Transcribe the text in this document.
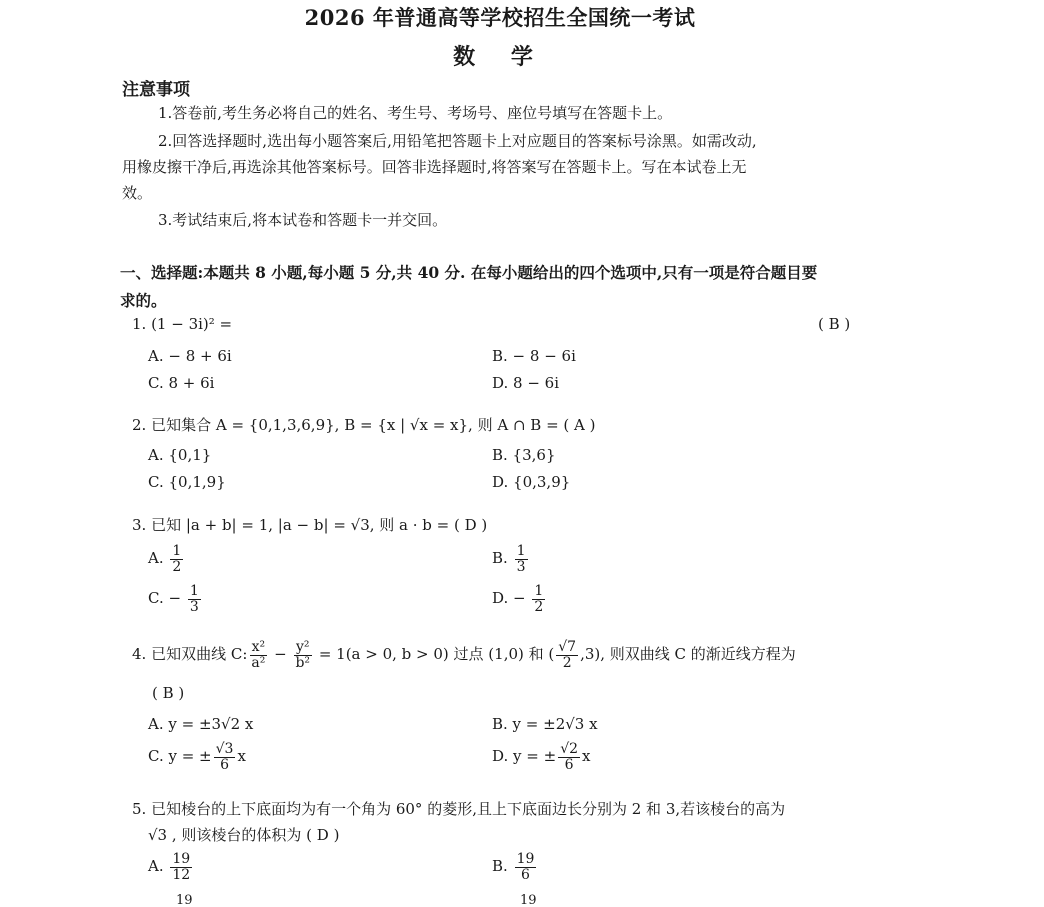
2026 年普通高等学校招生全国统一考试
数 学
注意事项
1.答卷前,考生务必将自己的姓名、考生号、考场号、座位号填写在答题卡上。
2.回答选择题时,选出每小题答案后,用铅笔把答题卡上对应题目的答案标号涂黑。如需改动,
用橡皮擦干净后,再选涂其他答案标号。回答非选择题时,将答案写在答题卡上。写在本试卷上无
效。
3.考试结束后,将本试卷和答题卡一并交回。
一、选择题:本题共 8 小题,每小题 5 分,共 40 分. 在每小题给出的四个选项中,只有一项是符合题目要
求的。
1. (1 − 3i)² =	( B )
A. − 8 + 6i	B. − 8 − 6i
C. 8 + 6i	D. 8 − 6i
2. 已知集合 A = {0,1,3,6,9}, B = {x | √x = x}, 则 A ∩ B = ( A )
A. {0,1}	B. {3,6}
C. {0,1,9}	D. {0,3,9}
3. 已知 |a + b| = 1, |a − b| = √3, 则 a · b = ( D )
A. $\frac{1}{2}$	B. $\frac{1}{3}$
C. − $\frac{1}{3}$	D. − $\frac{1}{2}$
4. 已知双曲线 C: $\frac{\text{x²}}{\text{a²}} - \frac{\text{y²}}{\text{b²}} = 1(a > 0$, b > 0) 过点 (1,0) 和 ( $\frac{√7}{2} ,3$), 则双曲线 C 的渐近线方程为
( B )
A. y = ±3√2 x	B. y = ±2√3 x
C. y = ± $\frac{√3}{6}$ x	D. y = ± $\frac{√2}{6}$ x
5. 已知棱台的上下底面均为有一个角为 60° 的菱形,且上下底面边长分别为 2 和 3,若该棱台的高为
√3 , 则该棱台的体积为 ( D )
A. $\frac{19}{12}$	B. $\frac{19}{6}$
19	19
